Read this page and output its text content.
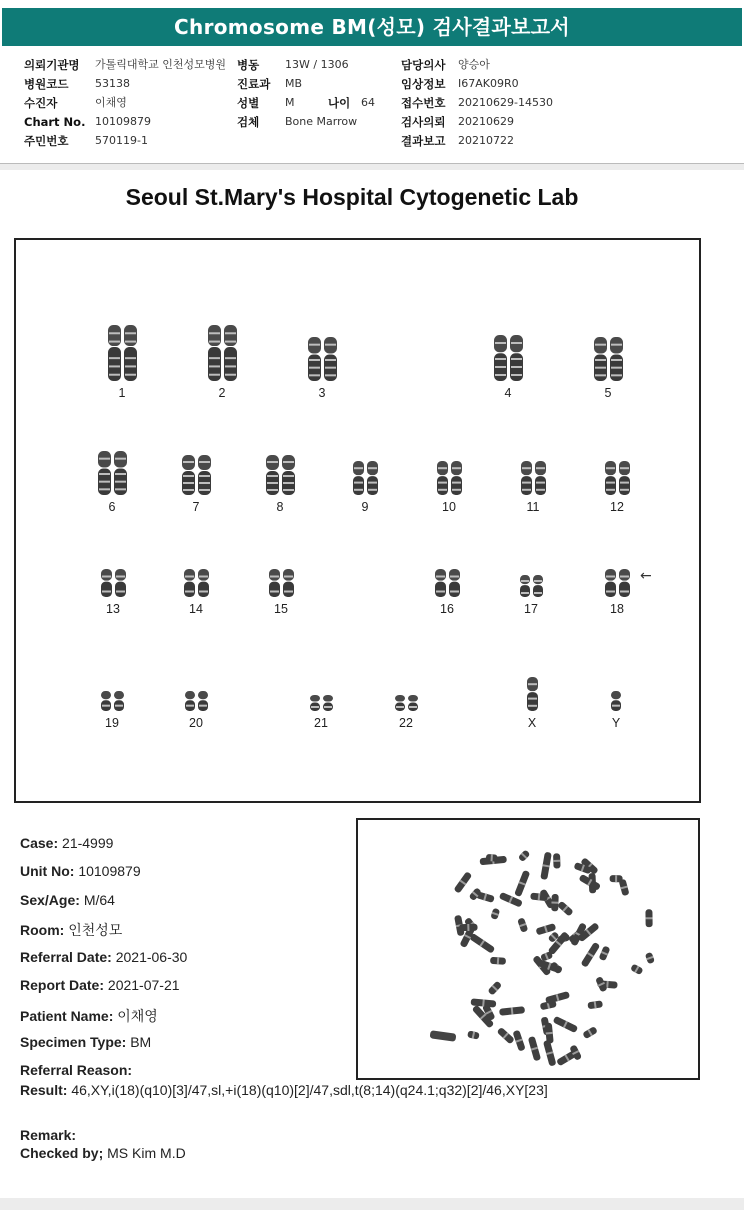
Chromosome BM(성모) 검사결과보고서
의뢰기관명 가톨릭대학교 인천성모병원
병원코드 53138
수진자	이채영
Chart No. 10109879
주민번호 570119-1
병동 13W / 1306
진료과 MB
성별 M	나이 64
검체 Bone Marrow
담당의사 양승아
임상정보 I67AK09R0
접수번호 20210629-14530
검사의뢰 20210629
결과보고 20210722
Seoul St.Mary's Hospital Cytogenetic Lab
1	2	3	4	5
6	7	8	9	10	11	12
13	14	15	16	17	18
19	20	21	22	X	Y
←
Case: 21-4999
Unit No: 10109879
Sex/Age: M/64
Room: 인천성모
Referral Date: 2021-06-30
Report Date: 2021-07-21
Patient Name: 이채영
Specimen Type: BM
Referral Reason:
Result: 46,XY,i(18)(q10)[3]/47,sl,+i(18)(q10)[2]/47,sdl,t(8;14)(q24.1;q32)[2]/46,XY[23]
Remark:
Checked by; MS Kim M.D
